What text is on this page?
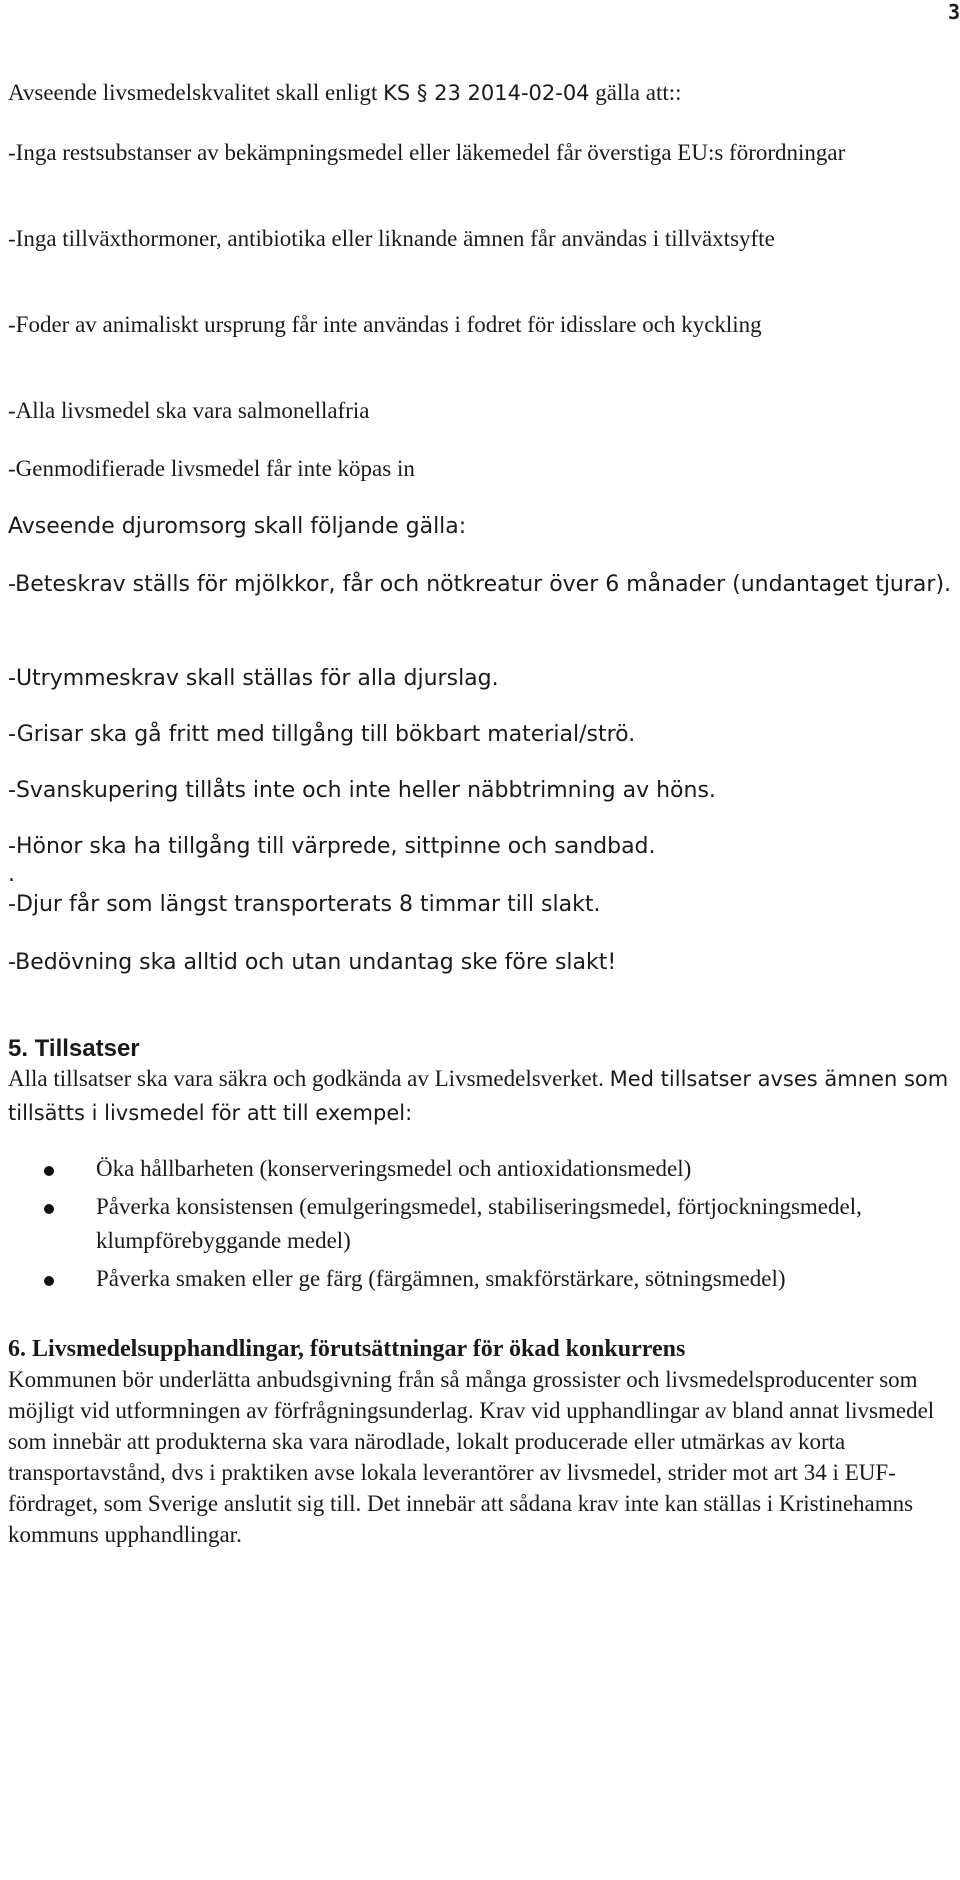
3

Avseende livsmedelskvalitet skall enligt KS § 23 2014-02-04 gälla att::

-Inga restsubstanser av bekämpningsmedel eller läkemedel får överstiga EU:s förordningar

-Inga tillväxthormoner, antibiotika eller liknande ämnen får användas i tillväxtsyfte

-Foder av animaliskt ursprung får inte användas i fodret för idisslare och kyckling

-Alla livsmedel ska vara salmonellafria

-Genmodifierade livsmedel får inte köpas in

Avseende djuromsorg skall följande gälla:

-Beteskrav ställs för mjölkkor, får och nötkreatur över 6 månader (undantaget tjurar).

-Utrymmeskrav skall ställas för alla djurslag.

-Grisar ska gå fritt med tillgång till bökbart material/strö.

-Svanskupering tillåts inte och inte heller näbbtrimning av höns.

-Hönor ska ha tillgång till värprede, sittpinne och sandbad.

.

-Djur får som längst transporterats 8 timmar till slakt.

-Bedövning ska alltid och utan undantag ske före slakt!

5. Tillsatser

Alla tillsatser ska vara säkra och godkända av Livsmedelsverket. Med tillsatser avses ämnen som tillsätts i livsmedel för att till exempel:

Öka hållbarheten (konserveringsmedel och antioxidationsmedel)
Påverka konsistensen (emulgeringsmedel, stabiliseringsmedel, förtjockningsmedel, klumpförebyggande medel)
Påverka smaken eller ge färg (färgämnen, smakförstärkare, sötningsmedel)
6. Livsmedelsupphandlingar, förutsättningar för ökad konkurrens

Kommunen bör underlätta anbudsgivning från så många grossister och livsmedelsproducenter som möjligt vid utformningen av förfrågningsunderlag. Krav vid upphandlingar av bland annat livsmedel som innebär att produkterna ska vara närodlade, lokalt producerade eller utmärkas av korta transportavstånd, dvs i praktiken avse lokala leverantörer av livsmedel, strider mot art 34 i EUF-fördraget, som Sverige anslutit sig till. Det innebär att sådana krav inte kan ställas i Kristinehamns kommuns upphandlingar.
